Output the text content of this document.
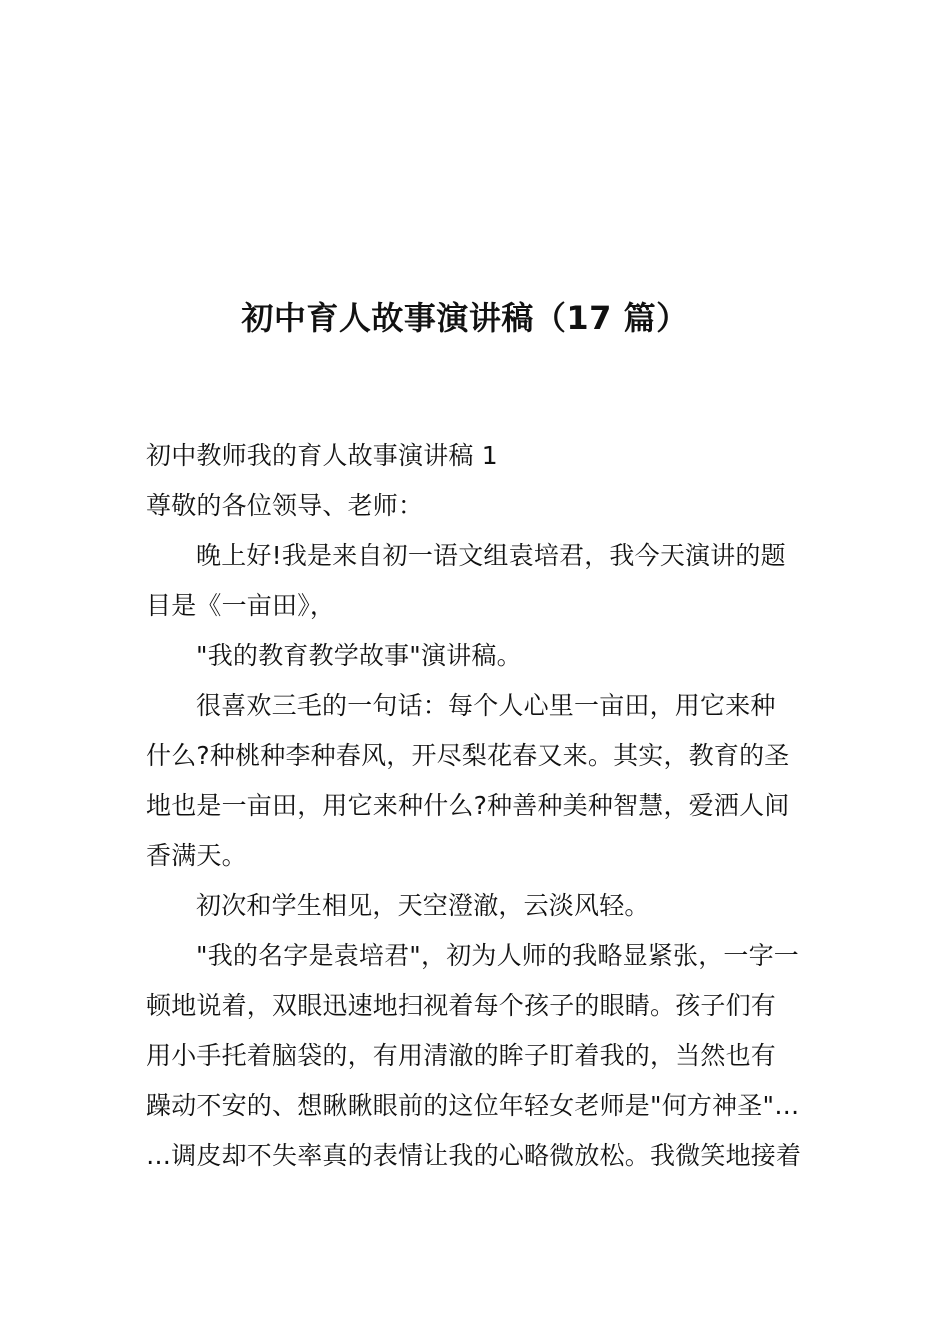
初中育人故事演讲稿（17 篇）

初中教师我的育人故事演讲稿 1

尊敬的各位领导、老师：

晚上好!我是来自初一语文组袁培君，我今天演讲的题

目是《一亩田》，

"我的教育教学故事"演讲稿。

很喜欢三毛的一句话：每个人心里一亩田，用它来种

什么?种桃种李种春风，开尽梨花春又来。其实，教育的圣

地也是一亩田，用它来种什么?种善种美种智慧，爱洒人间

香满天。

初次和学生相见，天空澄澈，云淡风轻。

"我的名字是袁培君"，初为人师的我略显紧张，一字一

顿地说着，双眼迅速地扫视着每个孩子的眼睛。孩子们有

用小手托着脑袋的，有用清澈的眸子盯着我的，当然也有

躁动不安的、想瞅瞅眼前的这位年轻女老师是"何方神圣"…

…调皮却不失率真的表情让我的心略微放松。我微笑地接着
